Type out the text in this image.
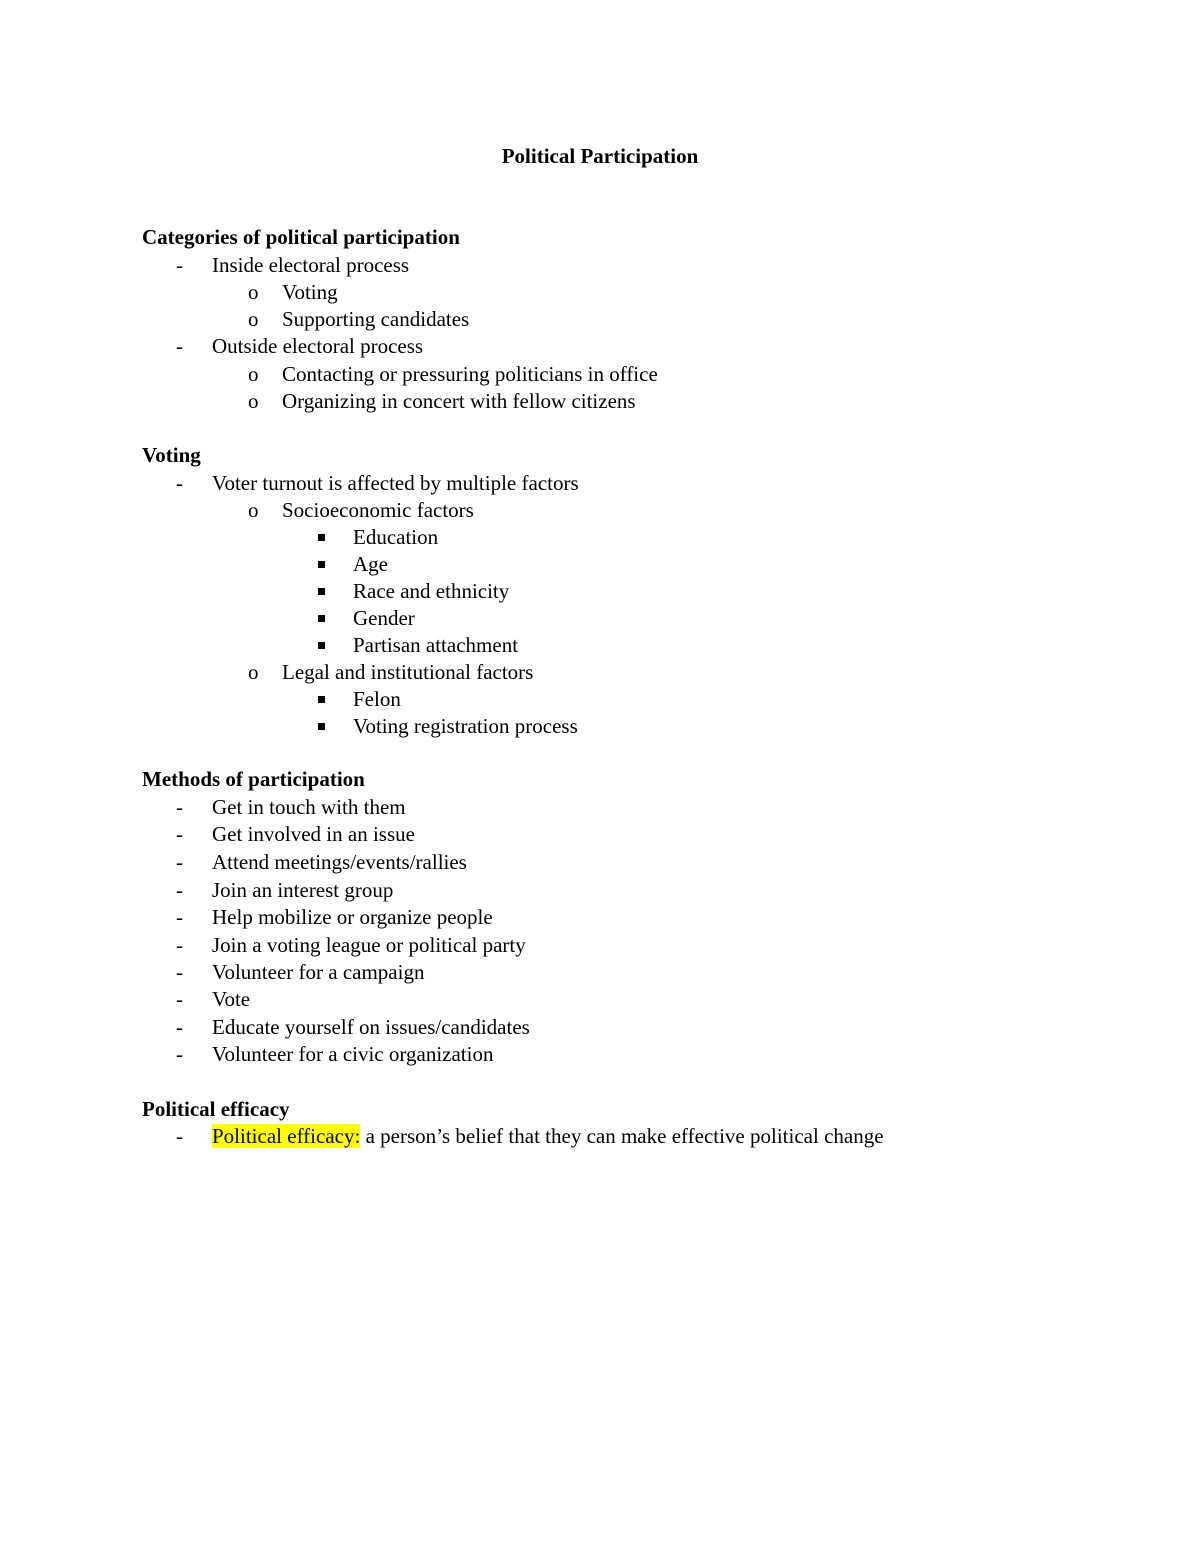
Political Participation
Categories of political participation
- Inside electoral process
o Voting
o Supporting candidates
- Outside electoral process
o Contacting or pressuring politicians in office
o Organizing in concert with fellow citizens
Voting
- Voter turnout is affected by multiple factors
o Socioeconomic factors
Education
Age
Race and ethnicity
Gender
Partisan attachment
o Legal and institutional factors
Felon
Voting registration process
Methods of participation
- Get in touch with them
- Get involved in an issue
- Attend meetings/events/rallies
- Join an interest group
- Help mobilize or organize people
- Join a voting league or political party
- Volunteer for a campaign
- Vote
- Educate yourself on issues/candidates
- Volunteer for a civic organization
Political efficacy
- Political efficacy: a person’s belief that they can make effective political change
